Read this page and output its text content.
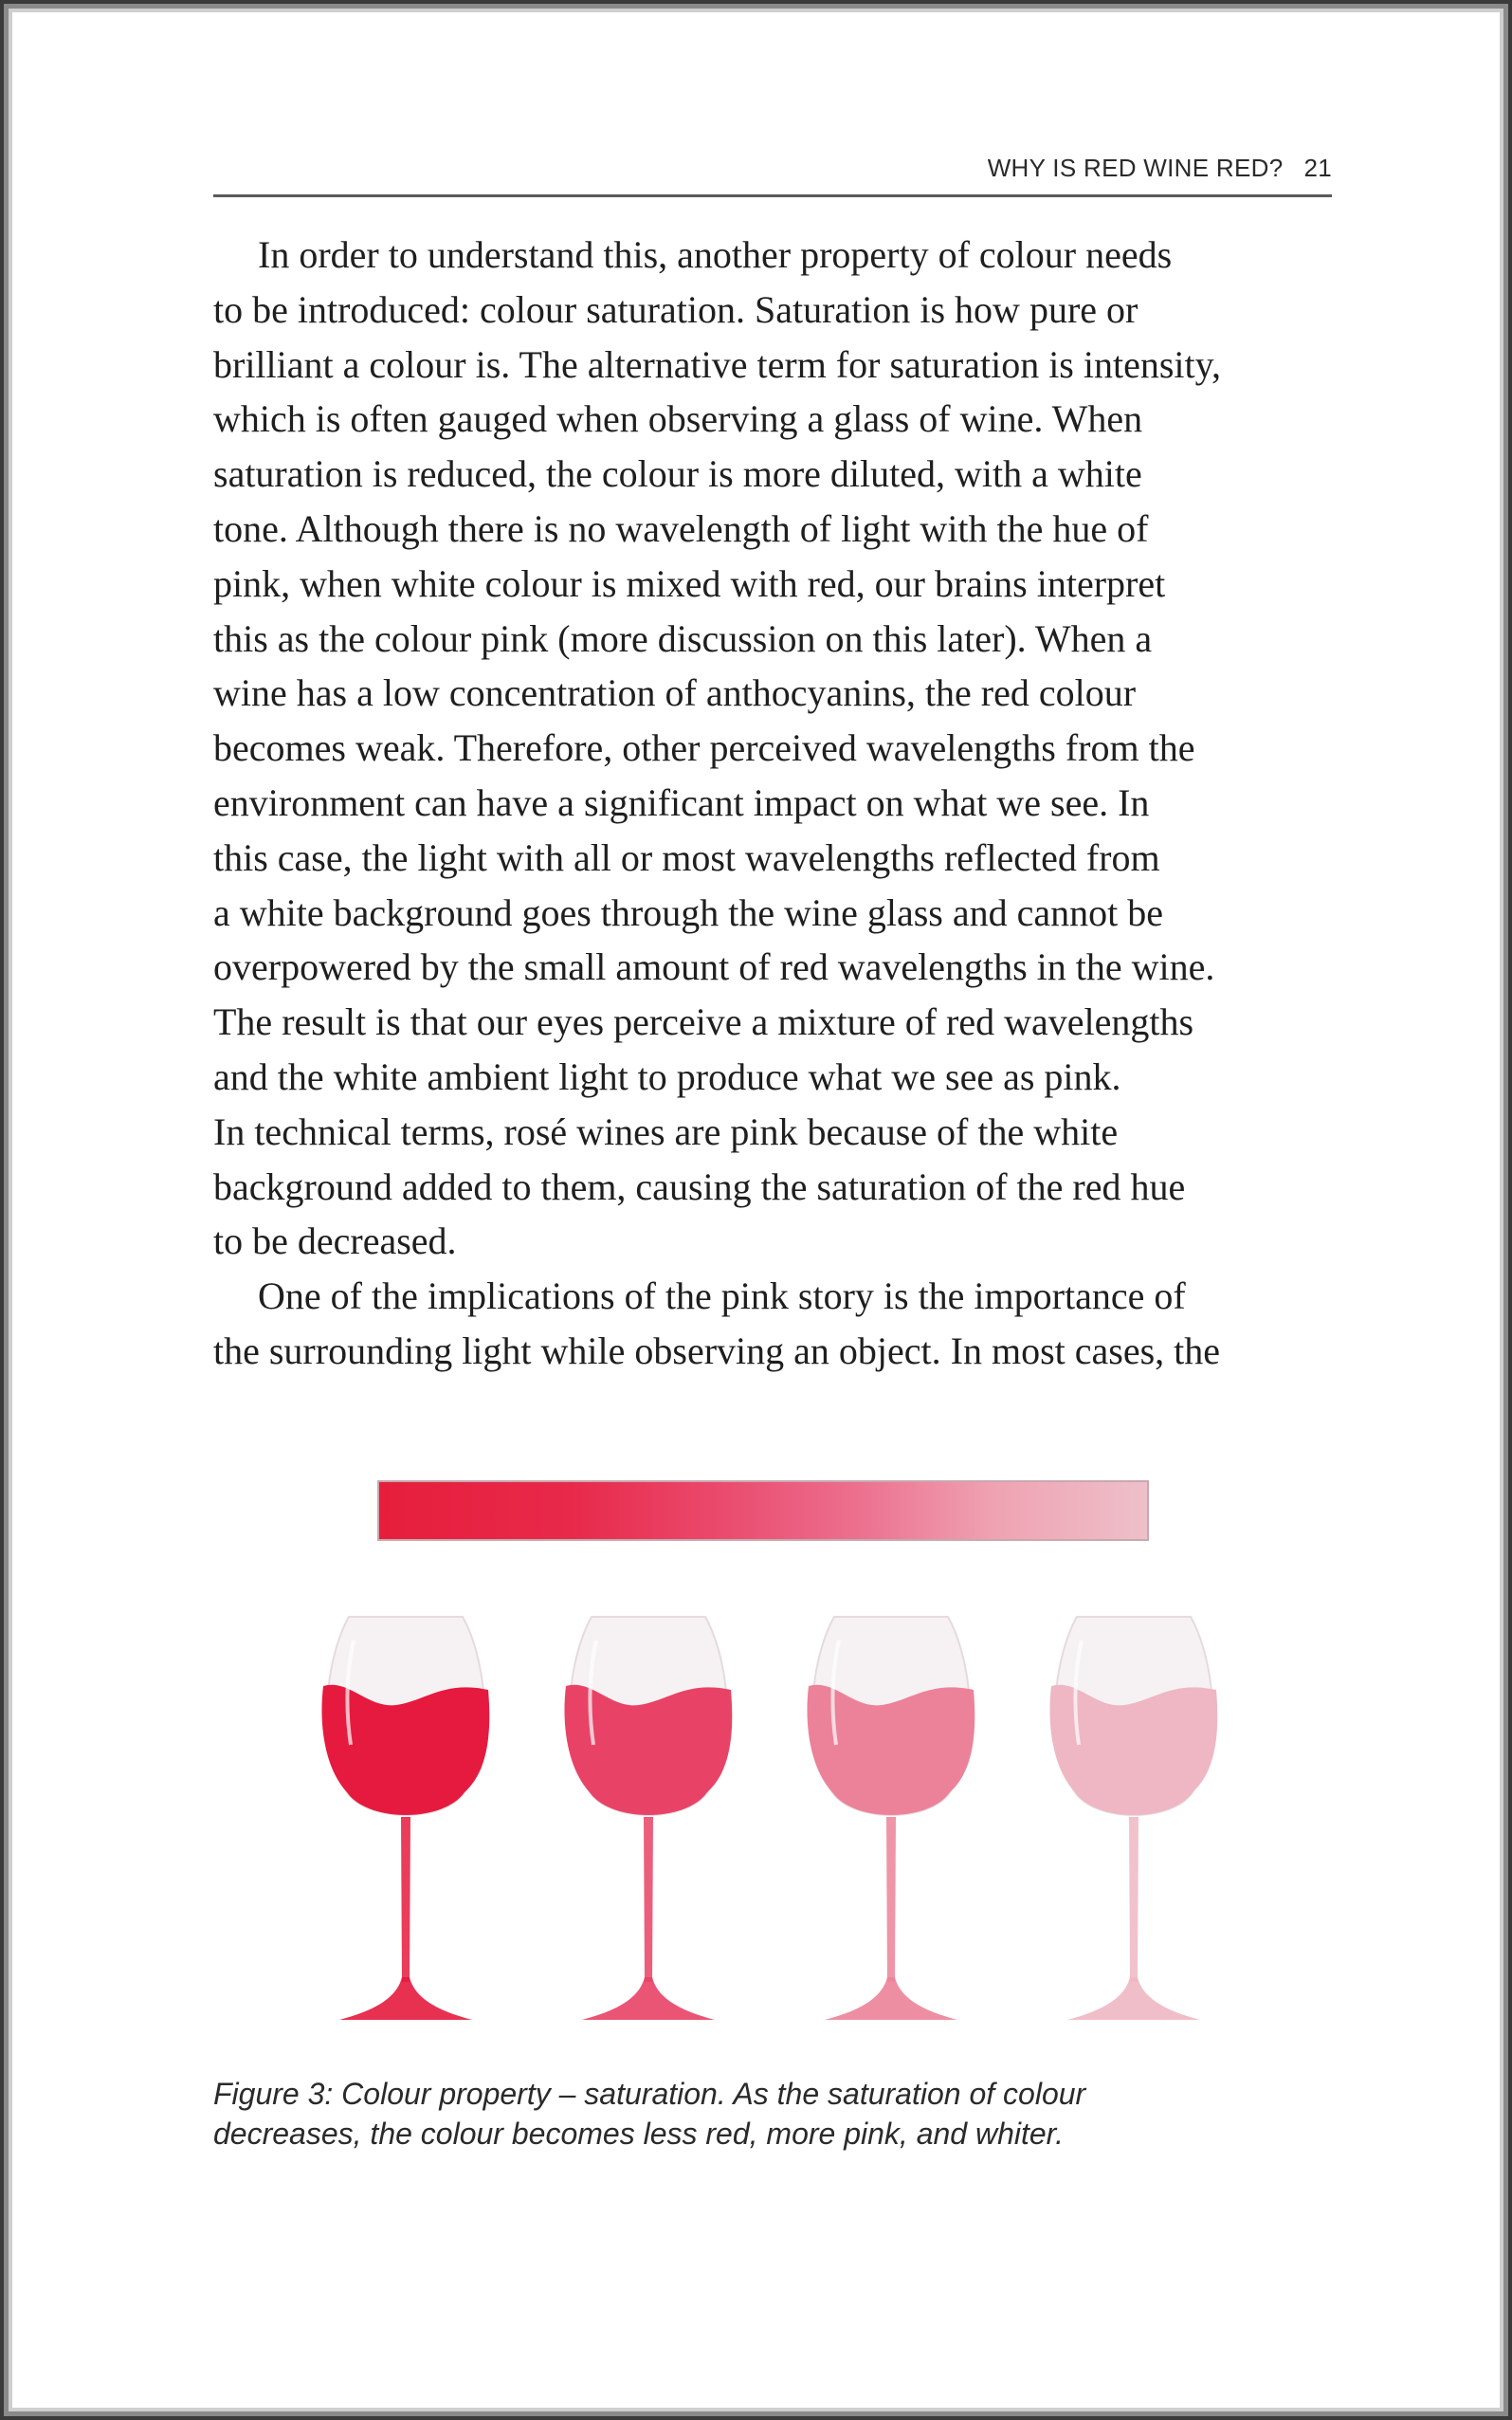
WHY IS RED WINE RED? 21
In order to understand this, another property of colour needs
to be introduced: colour saturation. Saturation is how pure or
brilliant a colour is. The alternative term for saturation is intensity,
which is often gauged when observing a glass of wine. When
saturation is reduced, the colour is more diluted, with a white
tone. Although there is no wavelength of light with the hue of
pink, when white colour is mixed with red, our brains interpret
this as the colour pink (more discussion on this later). When a
wine has a low concentration of anthocyanins, the red colour
becomes weak. Therefore, other perceived wavelengths from the
environment can have a significant impact on what we see. In
this case, the light with all or most wavelengths reflected from
a white background goes through the wine glass and cannot be
overpowered by the small amount of red wavelengths in the wine.
The result is that our eyes perceive a mixture of red wavelengths
and the white ambient light to produce what we see as pink.
In technical terms, rosé wines are pink because of the white
background added to them, causing the saturation of the red hue
to be decreased.
One of the implications of the pink story is the importance of
the surrounding light while observing an object. In most cases, the
Figure 3: Colour property – saturation. As the saturation of colour
decreases, the colour becomes less red, more pink, and whiter.
